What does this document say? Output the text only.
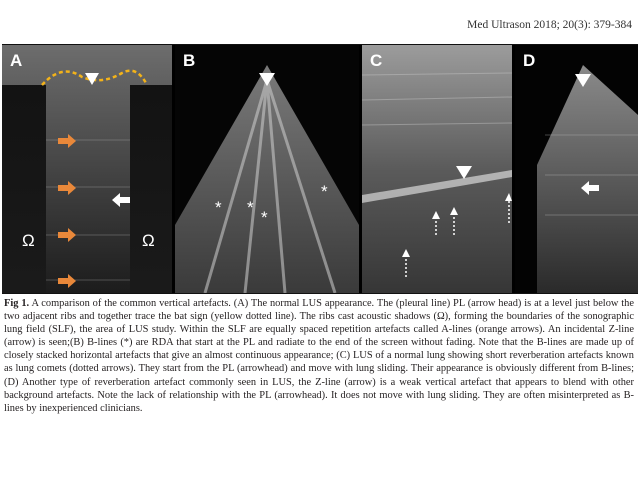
Med Ultrason 2018; 20(3): 379-384
A
Ω	Ω
B
* *
*
*
C	D
Fig 1. A comparison of the common vertical artefacts. (A) The normal LUS appearance. The (pleural line) PL (arrow head) is at a level just below the two adjacent ribs and together trace the bat sign (yellow dotted line). The ribs cast acoustic shadows (Ω), forming the boundaries of the sonographic lung field (SLF), the area of LUS study. Within the SLF are equally spaced repetition artefacts called A-lines (orange arrows). An incidental Z-line (arrow) is seen;(B) B-lines (*) are RDA that start at the PL and radiate to the end of the screen without fading. Note that the B-lines are made up of closely stacked horizontal artefacts that give an almost continuous appearance; (C) LUS of a normal lung showing short reverberation artefacts known as lung comets (dotted arrows). They start from the PL (arrowhead) and move with lung sliding. Their appearance is obviously different from B-lines; (D) Another type of reverberation artefact commonly seen in LUS, the Z-line (arrow) is a weak vertical artefact that appears to blend with other background artefacts. Note the lack of relationship with the PL (arrowhead). It does not move with lung sliding. They are often misinterpreted as B-lines by inexperienced clinicians.
